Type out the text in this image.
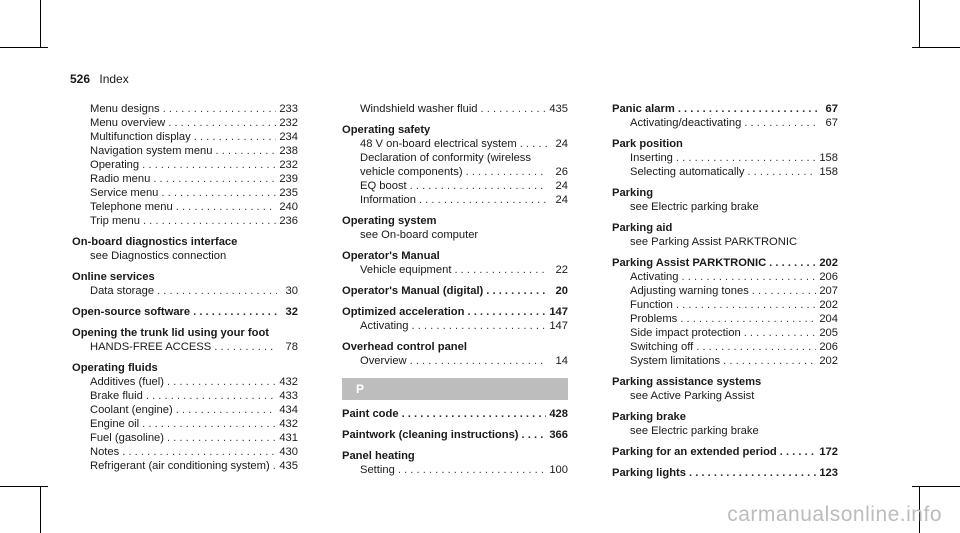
526 Index
Menu designs . . .	233
Menu overview . . .	232
Multifunction display . . .	234
Navigation system menu . . .	238
Operating . . .	232
Radio menu . . .	239
Service menu . . .	235
Telephone menu . . .	240
Trip menu . . .	236
On-board diagnostics interface
see Diagnostics connection
Online services
Data storage . . .	30
Open-source software . . .	32
Opening the trunk lid using your foot
HANDS-FREE ACCESS . . .	78
Operating fluids
Additives (fuel) . . .	432
Brake fluid . . .	433
Coolant (engine) . . .	434
Engine oil . . .	432
Fuel (gasoline) . . .	431
Notes . . .	430
Refrigerant (air conditioning system) . . . 435
Windshield washer fluid . . .	435
Operating safety
48 V on-board electrical system . . .	24
Declaration of conformity (wireless
vehicle components) . . .	26
EQ boost . . .	24
Information . . .	24
Operating system
see On-board computer
Operator's Manual
Vehicle equipment . . .	22
Operator's Manual (digital) . . .	20
Optimized acceleration . . .	147
Activating . . .	147
Overhead control panel
Overview . . .	14
P
Paint code . . .	428
Paintwork (cleaning instructions) . . .	366
Panel heating
Setting . . .	100
Panic alarm . . .	67
Activating/deactivating . . .	67
Park position
Inserting . . .	158
Selecting automatically . . .	158
Parking
see Electric parking brake
Parking aid
see Parking Assist PARKTRONIC
Parking Assist PARKTRONIC . . .	202
Activating . . .	206
Adjusting warning tones . . .	207
Function . . .	202
Problems . . .	204
Side impact protection . . .	205
Switching off . . .	206
System limitations . . .	202
Parking assistance systems
see Active Parking Assist
Parking brake
see Electric parking brake
Parking for an extended period . . .	172
Parking lights . . .	123
carmanualsonline.info
